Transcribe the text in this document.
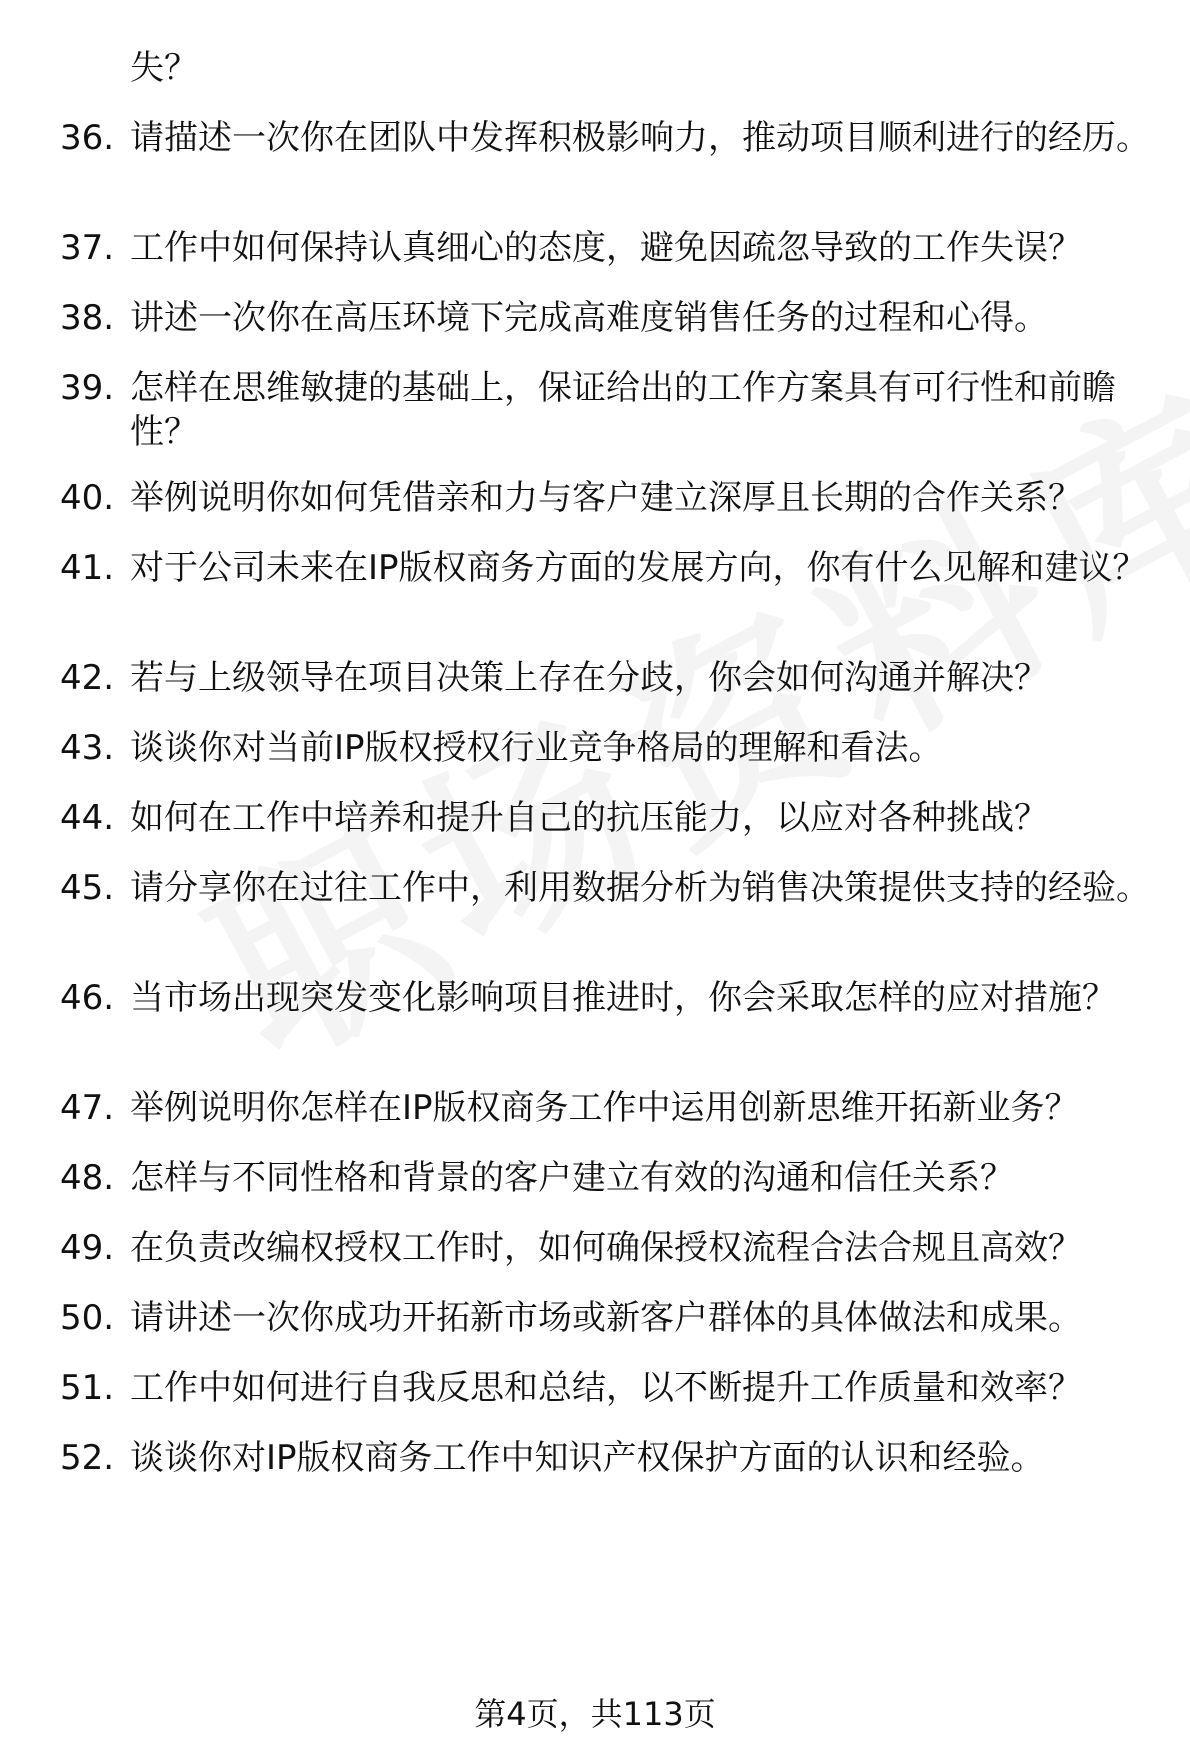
失？
36. 请描述一次你在团队中发挥积极影响力，推动项目顺利进行的经历。
37. 工作中如何保持认真细心的态度，避免因疏忽导致的工作失误？
38. 讲述一次你在高压环境下完成高难度销售任务的过程和心得。
39. 怎样在思维敏捷的基础上，保证给出的工作方案具有可行性和前瞻性？
40. 举例说明你如何凭借亲和力与客户建立深厚且长期的合作关系？
41. 对于公司未来在IP版权商务方面的发展方向，你有什么见解和建议？
42. 若与上级领导在项目决策上存在分歧，你会如何沟通并解决？
43. 谈谈你对当前IP版权授权行业竞争格局的理解和看法。
44. 如何在工作中培养和提升自己的抗压能力，以应对各种挑战？
45. 请分享你在过往工作中，利用数据分析为销售决策提供支持的经验。
46. 当市场出现突发变化影响项目推进时，你会采取怎样的应对措施？
47. 举例说明你怎样在IP版权商务工作中运用创新思维开拓新业务？
48. 怎样与不同性格和背景的客户建立有效的沟通和信任关系？
49. 在负责改编权授权工作时，如何确保授权流程合法合规且高效？
50. 请讲述一次你成功开拓新市场或新客户群体的具体做法和成果。
51. 工作中如何进行自我反思和总结，以不断提升工作质量和效率？
52. 谈谈你对IP版权商务工作中知识产权保护方面的认识和经验。
第4页，共113页
